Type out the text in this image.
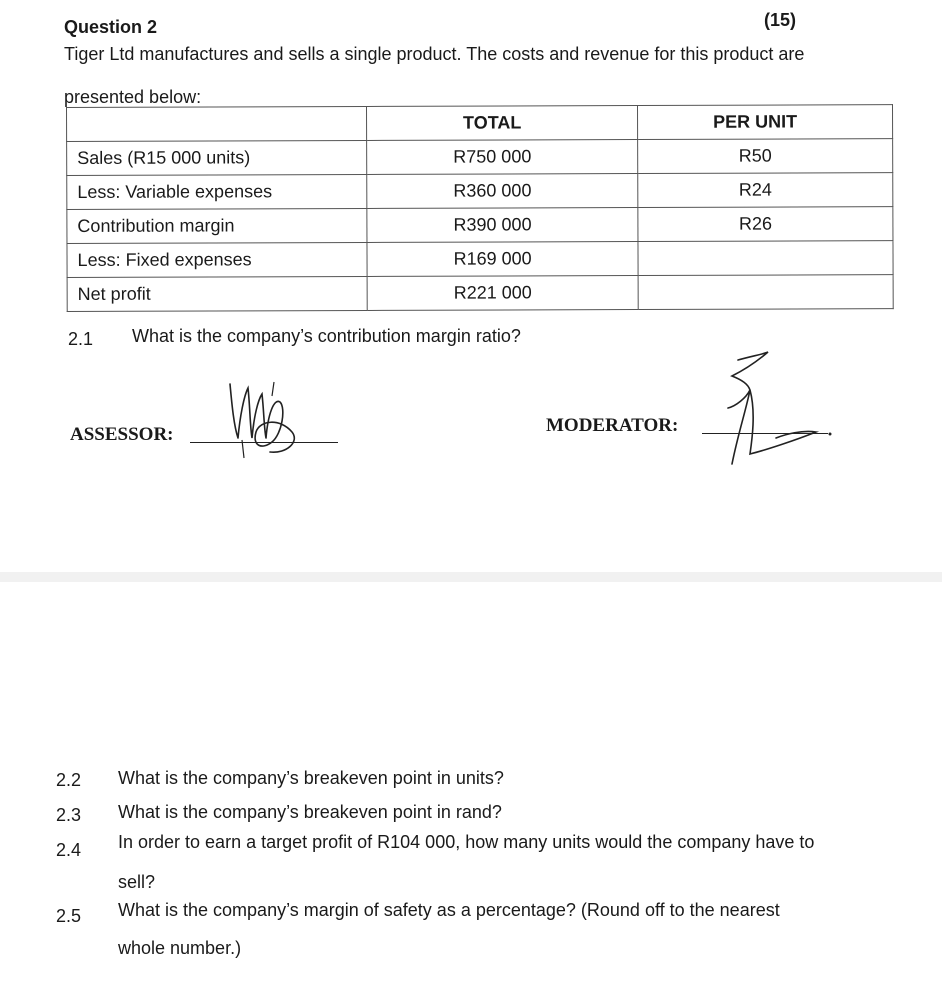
Question 2	(15)
Tiger Ltd manufactures and sells a single product. The costs and revenue for this product are
presented below:
	TOTAL	PER UNIT
Sales (R15 000 units)	R750 000	R50
Less: Variable expenses	R360 000	R24
Contribution margin	R390 000	R26
Less: Fixed expenses	R169 000	
Net profit	R221 000	
2.1 What is the company’s contribution margin ratio?
ASSESSOR:	MODERATOR:
2.2 What is the company’s breakeven point in units?
2.3 What is the company’s breakeven point in rand?
2.4 In order to earn a target profit of R104 000, how many units would the company have to
sell?
2.5 What is the company’s margin of safety as a percentage? (Round off to the nearest
whole number.)
